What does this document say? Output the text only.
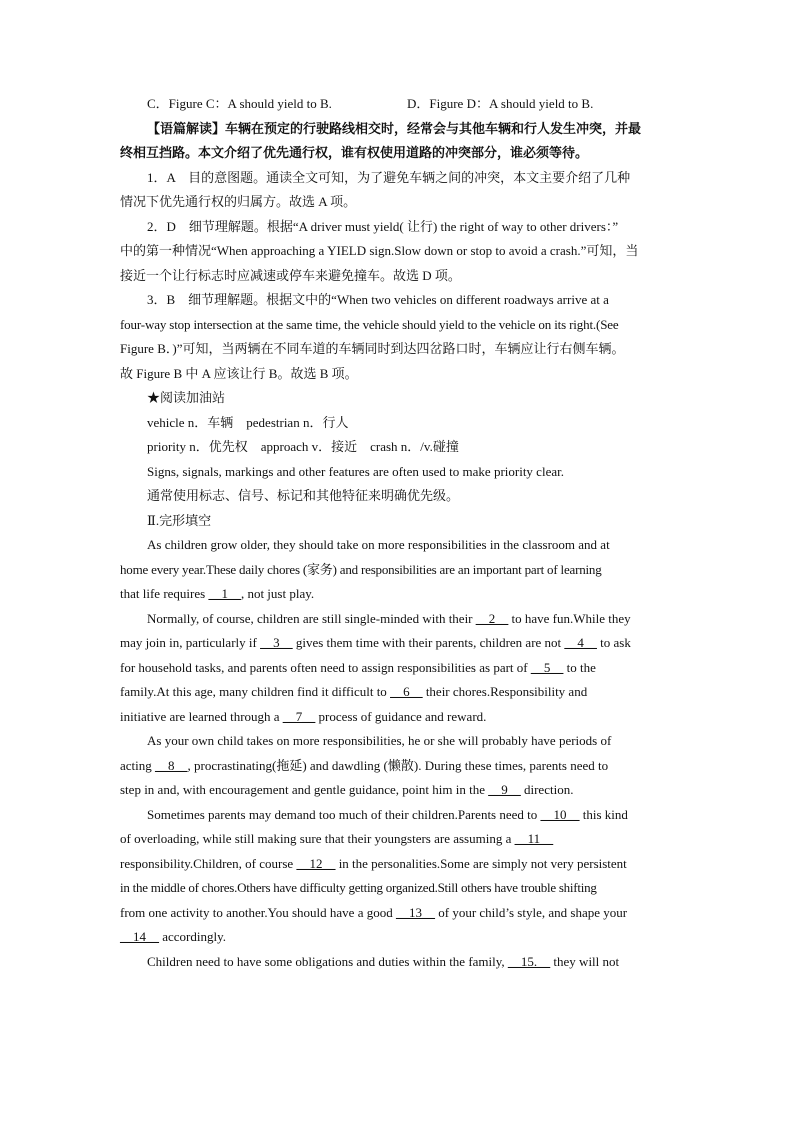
C．Figure C：A should yield to B.	D．Figure D：A should yield to B.
【语篇解读】车辆在预定的行驶路线相交时，经常会与其他车辆和行人发生冲突，并最
终相互挡路。本文介绍了优先通行权，谁有权使用道路的冲突部分，谁必须等待。
1．A　目的意图题。通读全文可知，为了避免车辆之间的冲突，本文主要介绍了几种
情况下优先通行权的归属方。故选 A 项。
2．D　细节理解题。根据“A driver must yield( 让行) the right of way to other drivers：”
中的第一种情况“When approaching a YIELD sign.Slow down or stop to avoid a crash.”可知，当
接近一个让行标志时应减速或停车来避免撞车。故选 D 项。
3．B　细节理解题。根据文中的“When two vehicles on different roadways arrive at a
four-way stop intersection at the same time, the vehicle should yield to the vehicle on its right.(See
Figure B．)”可知，当两辆在不同车道的车辆同时到达四岔路口时，车辆应让行右侧车辆。
故 Figure B 中 A 应该让行 B。故选 B 项。
★阅读加油站
vehicle n．车辆　pedestrian n．行人
priority n．优先权　approach v．接近　crash n．/v.碰撞
Signs, signals, markings and other features are often used to make priority clear.
通常使用标志、信号、标记和其他特征来明确优先级。
Ⅱ.完形填空
As children grow older, they should take on more responsibilities in the classroom and at
home every year.These daily chores (家务) and responsibilities are an important part of learning
that life requires __1__, not just play.
Normally, of course, children are still single-minded with their __2__ to have fun.While they
may join in, particularly if __3__ gives them time with their parents, children are not __4__ to ask
for household tasks, and parents often need to assign responsibilities as part of __5__ to the
family.At this age, many children find it difficult to __6__ their chores.Responsibility and
initiative are learned through a __7__ process of guidance and reward.
As your own child takes on more responsibilities, he or she will probably have periods of
acting __8__, procrastinating(拖延) and dawdling (懒散). During these times, parents need to
step in and, with encouragement and gentle guidance, point him in the __9__ direction.
Sometimes parents may demand too much of their children.Parents need to __10__ this kind
of overloading, while still making sure that their youngsters are assuming a __11__
responsibility.Children, of course __12__ in the personalities.Some are simply not very persistent
in the middle of chores.Others have difficulty getting organized.Still others have trouble shifting
from one activity to another.You should have a good __13__ of your child’s style, and shape your
__14__ accordingly.
Children need to have some obligations and duties within the family, __15.__ they will not
